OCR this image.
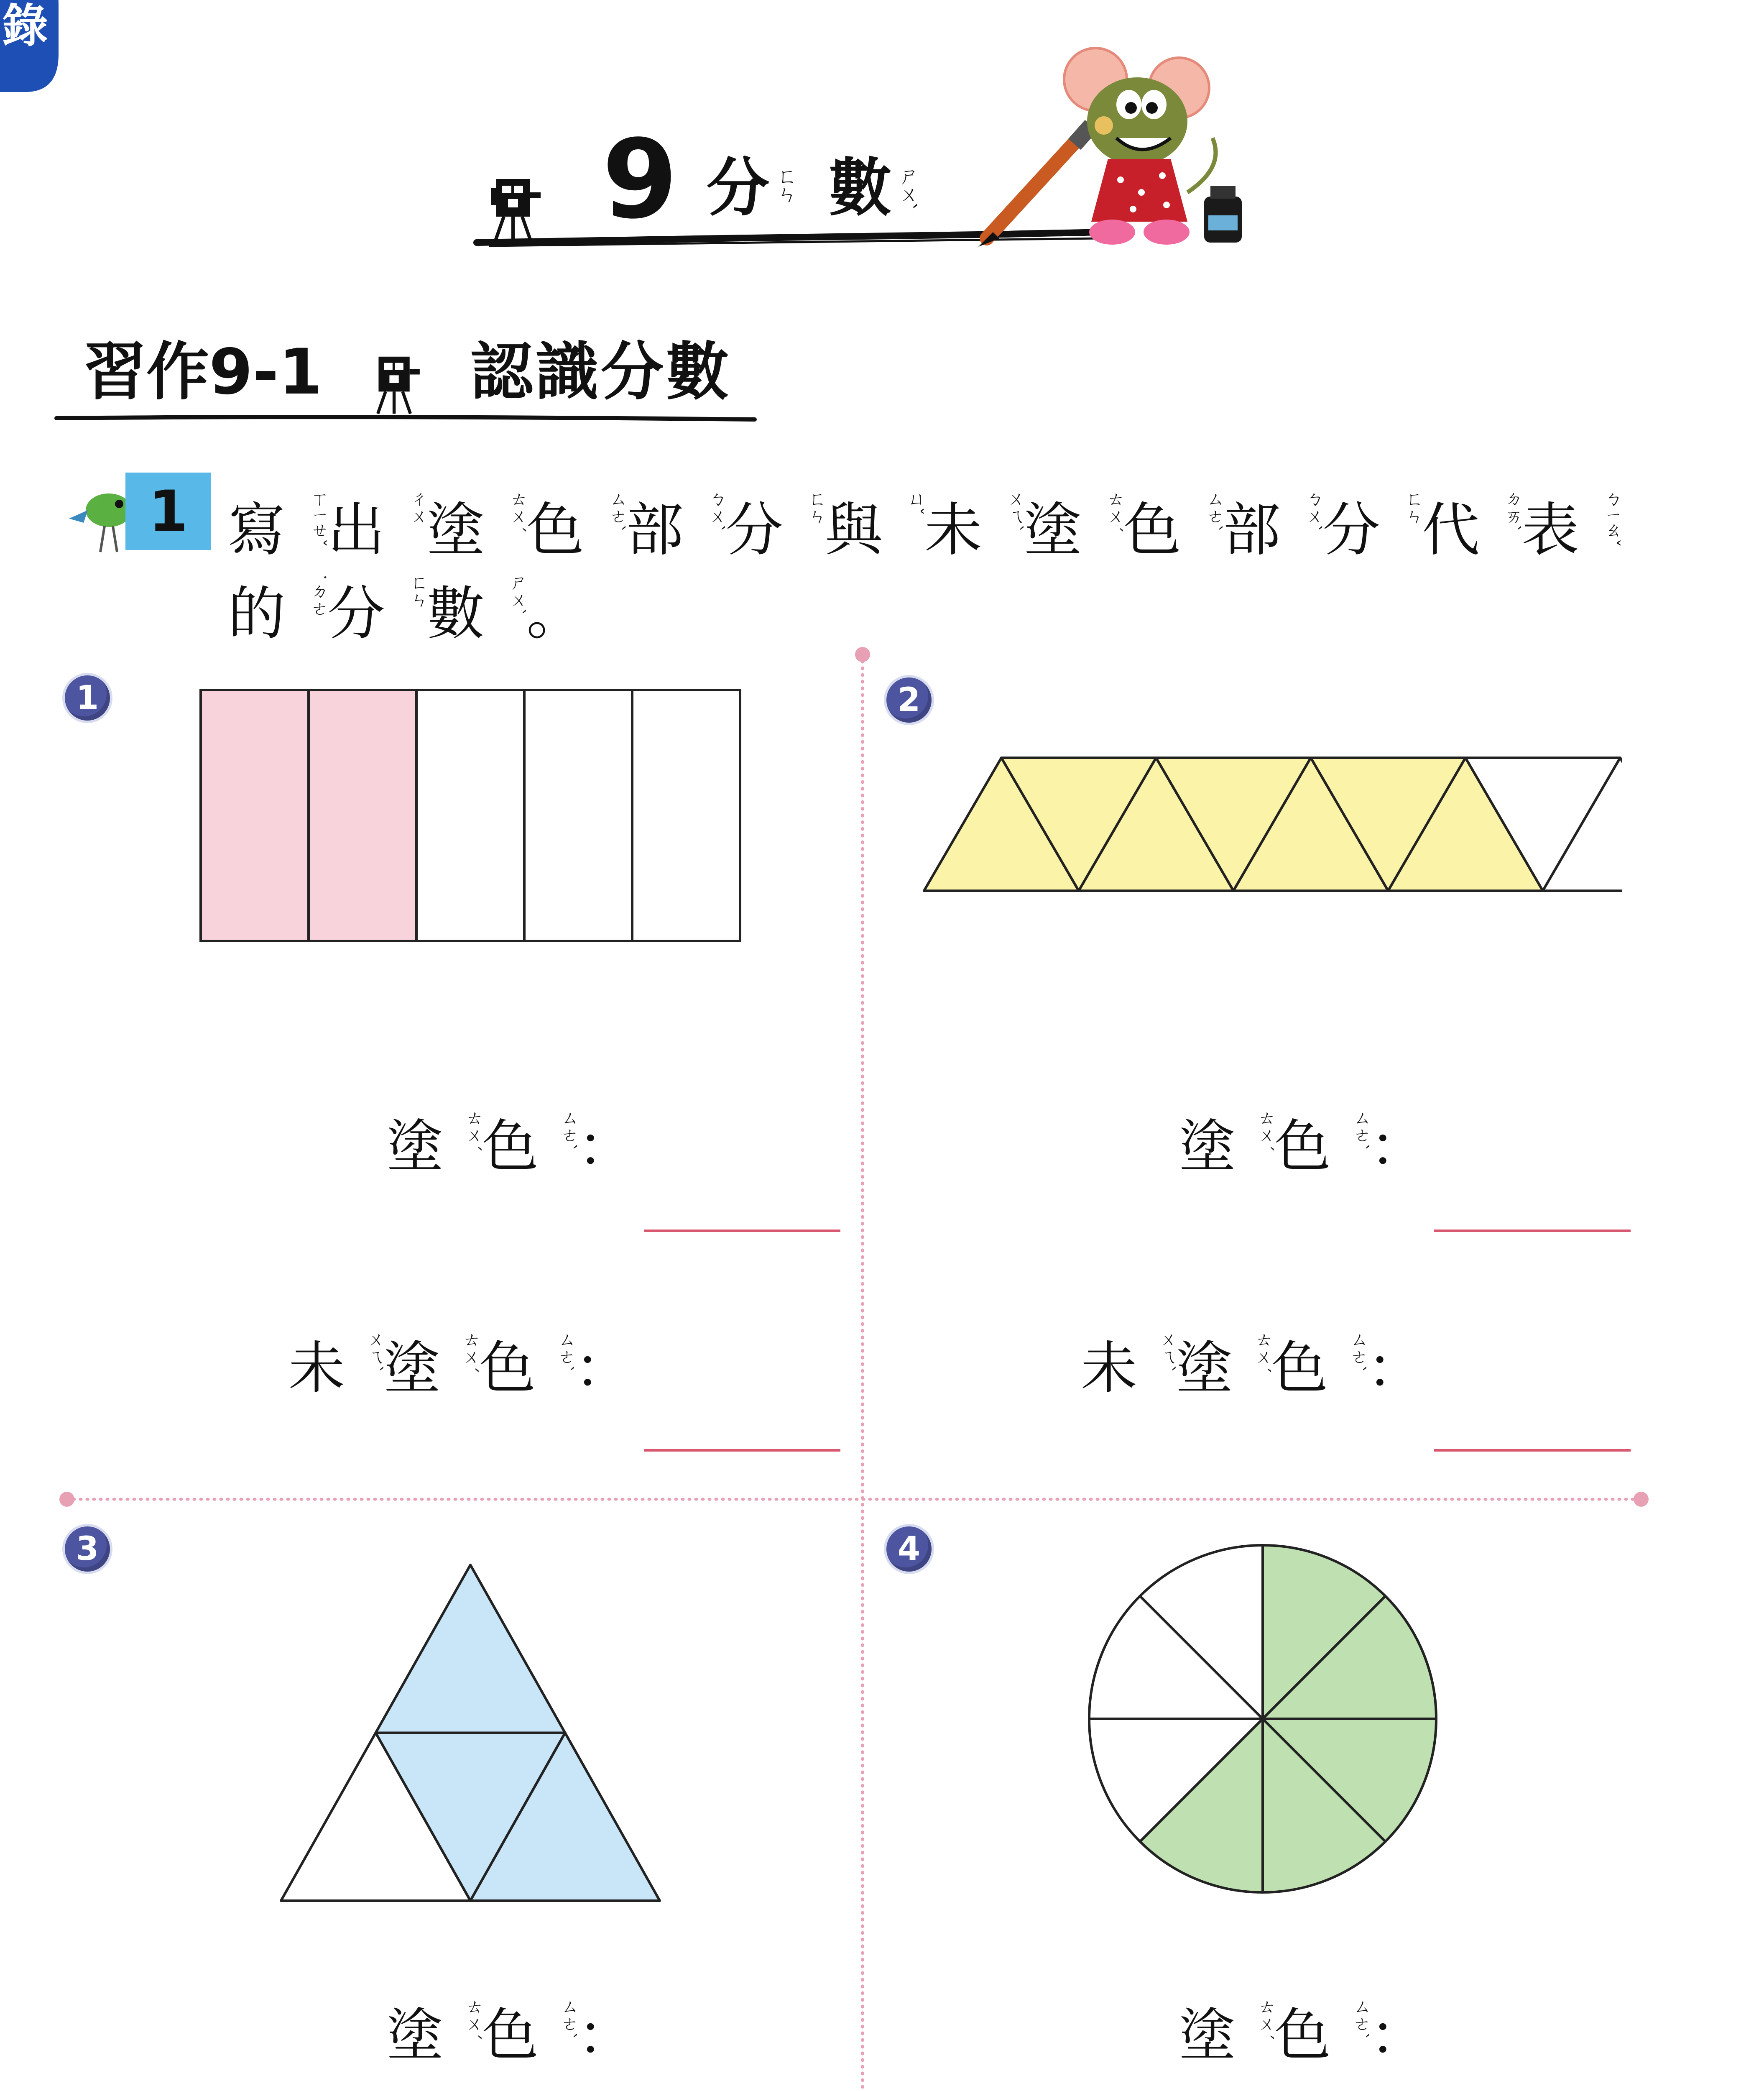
錄
9 分 ㄈㄣ 數 ㄕㄨˋ
習作9-1 認識分數
1 寫 ㄒㄧㄝˇ出 ㄔㄨ塗 ㄊㄨˊ色 ㄙㄜˋ部 ㄅㄨˋ分 ㄈㄣ與 ㄩˇ未 ㄨㄟˋ塗 ㄊㄨˊ色 ㄙㄜˋ部 ㄅㄨˋ分 ㄈㄣ代 ㄉㄞˋ表 ㄅㄧㄠˇ
的 ˙ㄉㄜ分 ㄈㄣ數 ㄕㄨˋ。
1	2
3	4
塗 ㄊㄨˊ色 ㄙㄜˋ：
未 ㄨㄟˋ塗 ㄊㄨˊ色 ㄙㄜˋ：
塗 ㄊㄨˊ色 ㄙㄜˋ：
未 ㄨㄟˋ塗 ㄊㄨˊ色 ㄙㄜˋ：
塗 ㄊㄨˊ色 ㄙㄜˋ：	塗 ㄊㄨˊ色 ㄙㄜˋ：
